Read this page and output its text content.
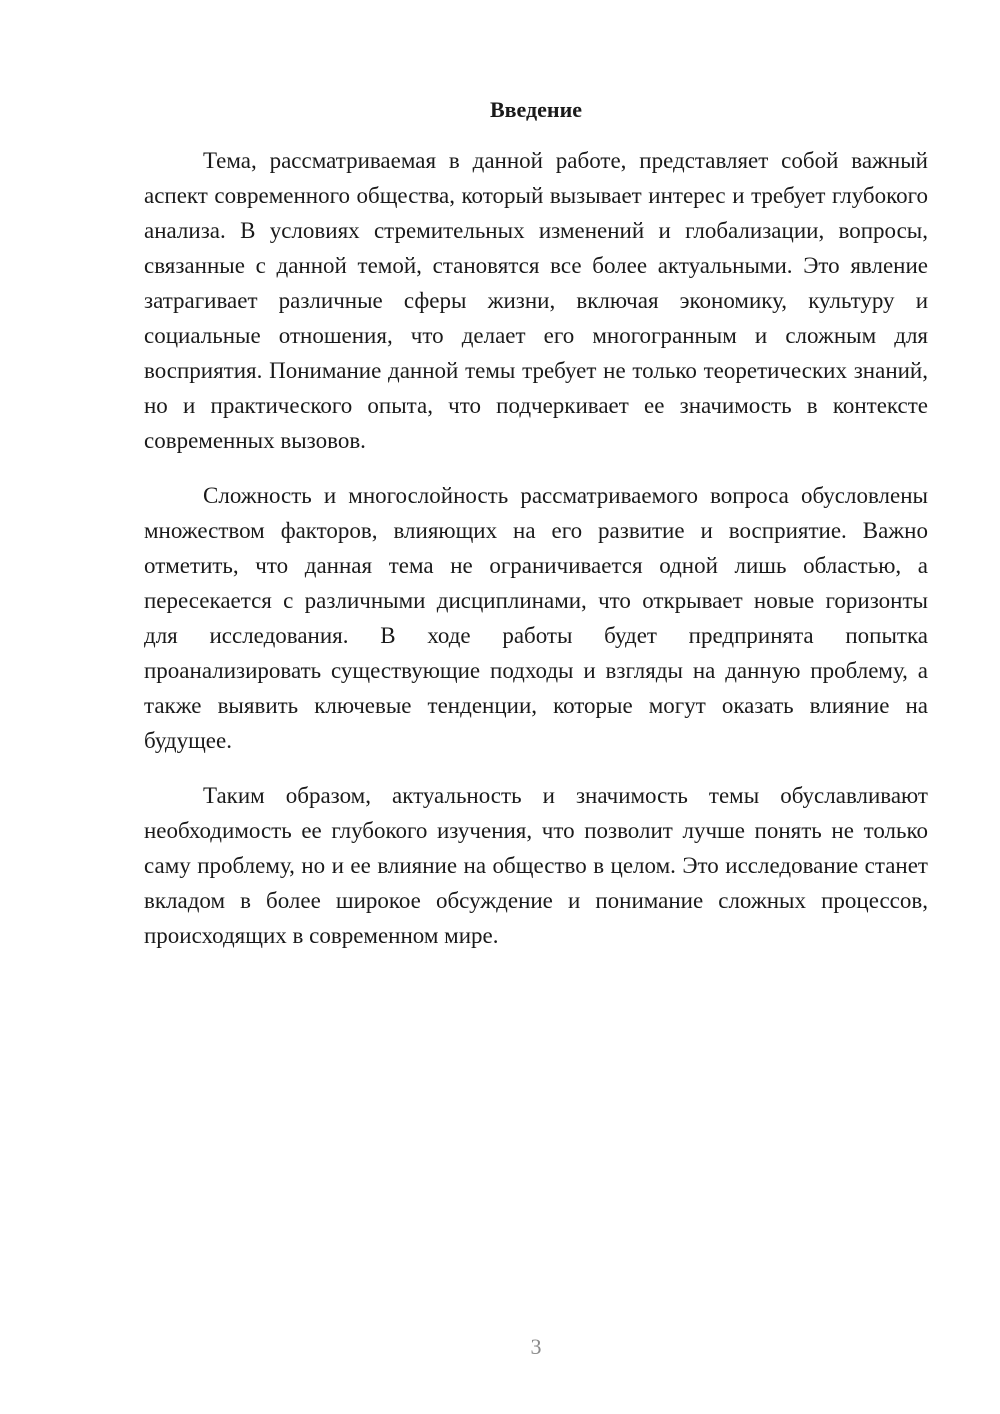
Введение

Тема, рассматриваемая в данной работе, представляет собой важный аспект современного общества, который вызывает интерес и требует глубокого анализа. В условиях стремительных изменений и глобализации, вопросы, связанные с данной темой, становятся все более актуальными. Это явление затрагивает различные сферы жизни, включая экономику, культуру и социальные отношения, что делает его многогранным и сложным для восприятия. Понимание данной темы требует не только теоретических знаний, но и практического опыта, что подчеркивает ее значимость в контексте современных вызовов.

Сложность и многослойность рассматриваемого вопроса обусловлены множеством факторов, влияющих на его развитие и восприятие. Важно отметить, что данная тема не ограничивается одной лишь областью, а пересекается с различными дисциплинами, что открывает новые горизонты для исследования. В ходе работы будет предпринята попытка проанализировать существующие подходы и взгляды на данную проблему, а также выявить ключевые тенденции, которые могут оказать влияние на будущее.

Таким образом, актуальность и значимость темы обуславливают необходимость ее глубокого изучения, что позволит лучше понять не только саму проблему, но и ее влияние на общество в целом. Это исследование станет вкладом в более широкое обсуждение и понимание сложных процессов, происходящих в современном мире.

3
